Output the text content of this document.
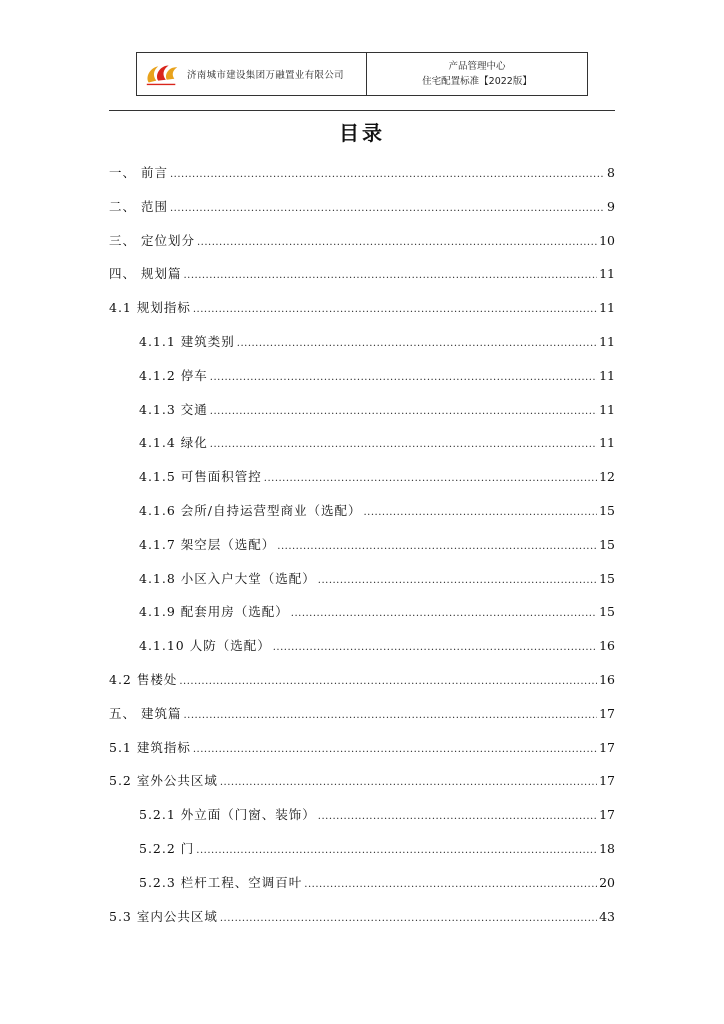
济南城市建设集团万融置业有限公司
产品管理中心
住宅配置标准【2022版】
目录
一、 前言 .....	8
二、 范围 .....	9
三、 定位划分 .....	10
四、 规划篇 .....	11
4.1 规划指标 .....	11
4.1.1 建筑类别 .....	11
4.1.2 停车 .....	11
4.1.3 交通 .....	11
4.1.4 绿化 .....	11
4.1.5 可售面积管控 .....	12
4.1.6 会所/自持运营型商业（选配） .....	15
4.1.7 架空层（选配） .....	15
4.1.8 小区入户大堂（选配） .....	15
4.1.9 配套用房（选配） .....	15
4.1.10 人防（选配） .....	16
4.2 售楼处 .....	16
五、 建筑篇 .....	17
5.1 建筑指标 .....	17
5.2 室外公共区域 .....	17
5.2.1 外立面（门窗、装饰） .....	17
5.2.2 门 .....	18
5.2.3 栏杆工程、空调百叶 .....	20
5.3 室内公共区域 .....	43
